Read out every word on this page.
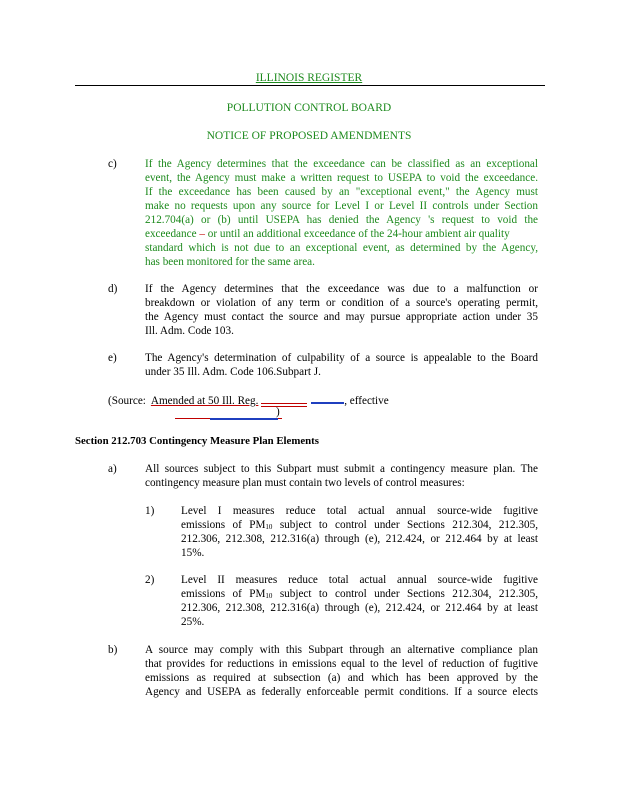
ILLINOIS REGISTER
POLLUTION CONTROL BOARD
NOTICE OF PROPOSED AMENDMENTS
c)	If the Agency determines that the exceedance can be classified as an exceptional
event, the Agency must make a written request to USEPA to void the exceedance.
If the exceedance has been caused by an "exceptional event," the Agency must
make no requests upon any source for Level I or Level II controls under Section
212.704(a) or (b) until USEPA has denied the Agency 's request to void the
exceedance – or until an additional exceedance of the 24-hour ambient air quality
standard which is not due to an exceptional event, as determined by the Agency,
has been monitored for the same area.
d) If the Agency determines that the exceedance was due to a malfunction or
breakdown or violation of any term or condition of a source's operating permit,
the Agency must contact the source and may pursue appropriate action under 35
Ill. Adm. Code 103.
e)	The Agency's determination of culpability of a source is appealable to the Board
under 35 Ill. Adm. Code 106.Subpart J.
(Source: Amended at 50 Ill. Reg.	, effective
)
Section 212.703 Contingency Measure Plan Elements
a)	All sources subject to this Subpart must submit a contingency measure plan. The
contingency measure plan must contain two levels of control measures:
1) Level I measures reduce total actual annual source-wide fugitive
emissions of $PM_{10}$ subject to control under Sections 212.304, 212.305,
212.306, 212.308, 212.316(a) through (e), 212.424, or 212.464 by at least
15%.
2) Level II measures reduce total actual annual source-wide fugitive
emissions of $PM_{10}$ subject to control under Sections 212.304, 212.305,
212.306, 212.308, 212.316(a) through (e), 212.424, or 212.464 by at least
25%.
b) A source may comply with this Subpart through an alternative compliance plan
that provides for reductions in emissions equal to the level of reduction of fugitive
emissions as required at subsection (a) and which has been approved by the
Agency and USEPA as federally enforceable permit conditions. If a source elects
